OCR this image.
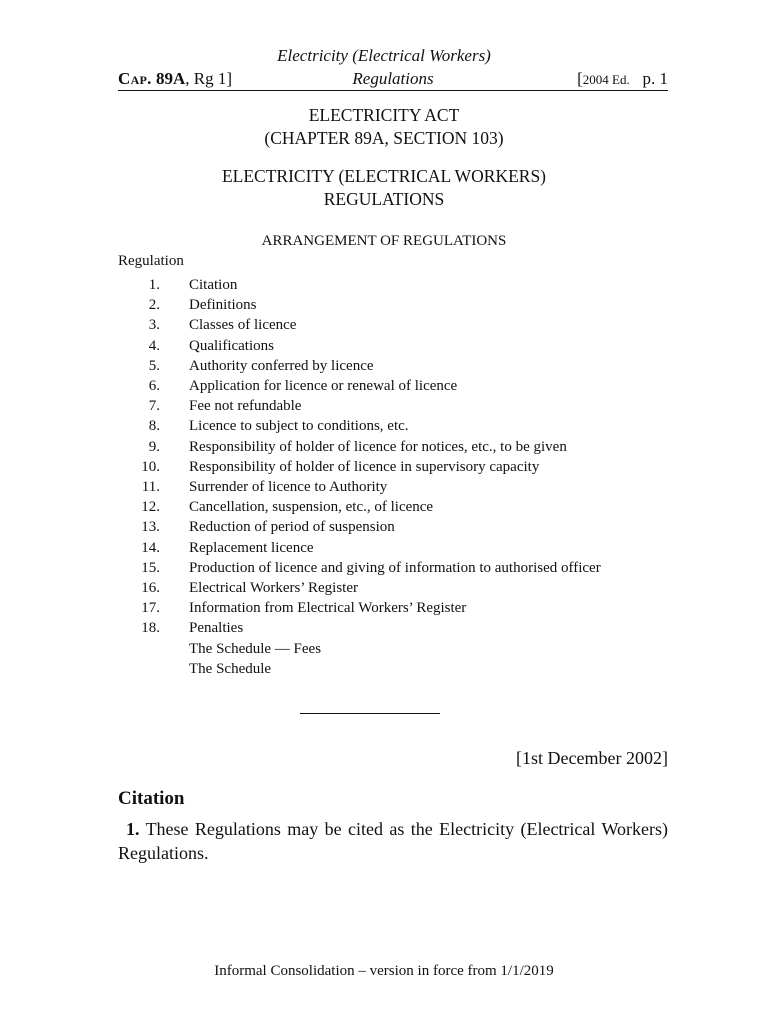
Electricity (Electrical Workers)
Cap. 89A, Rg 1]	Regulations	[2004 Ed. p. 1
ELECTRICITY ACT
(CHAPTER 89A, SECTION 103)
ELECTRICITY (ELECTRICAL WORKERS)
REGULATIONS
ARRANGEMENT OF REGULATIONS
Regulation
1. Citation
2. Definitions
3. Classes of licence
4. Qualifications
5. Authority conferred by licence
6. Application for licence or renewal of licence
7. Fee not refundable
8. Licence to subject to conditions, etc.
9. Responsibility of holder of licence for notices, etc., to be given
10. Responsibility of holder of licence in supervisory capacity
11. Surrender of licence to Authority
12. Cancellation, suspension, etc., of licence
13. Reduction of period of suspension
14. Replacement licence
15. Production of licence and giving of information to authorised officer
16. Electrical Workers’ Register
17. Information from Electrical Workers’ Register
18. Penalties
The Schedule — Fees
The Schedule
[1st December 2002]
Citation
1. These Regulations may be cited as the Electricity (Electrical Workers) Regulations.
Informal Consolidation – version in force from 1/1/2019
